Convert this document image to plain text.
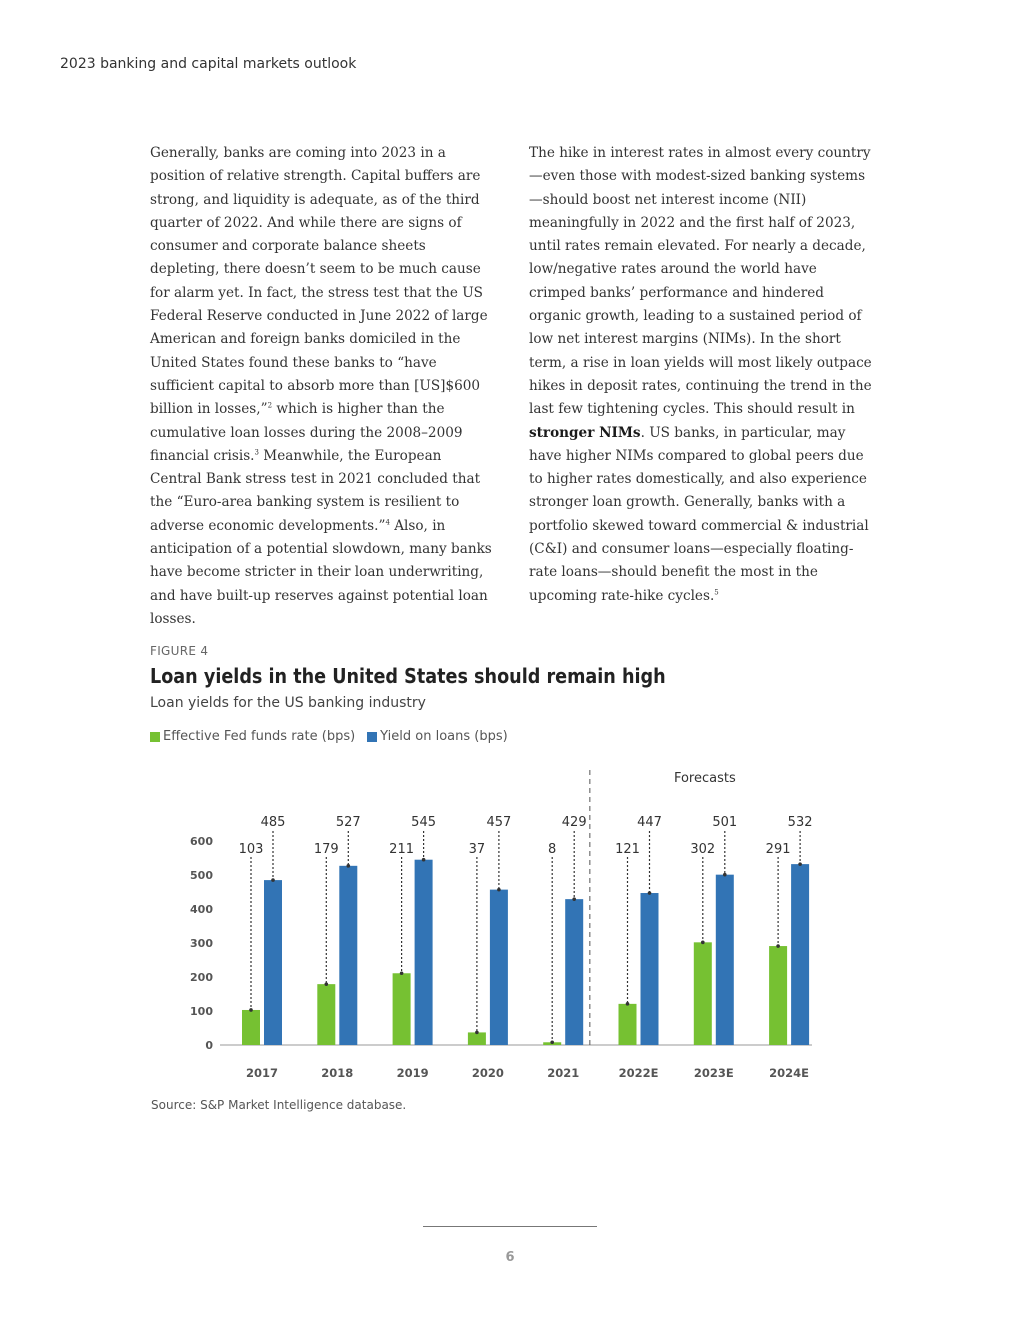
2023 banking and capital markets outlook

Generally, banks are coming into 2023 in a position of relative strength. Capital buffers are strong, and liquidity is adequate, as of the third quarter of 2022. And while there are signs of consumer and corporate balance sheets depleting, there doesn’t seem to be much cause for alarm yet. In fact, the stress test that the US Federal Reserve conducted in June 2022 of large American and foreign banks domiciled in the United States found these banks to “have sufficient capital to absorb more than [US]$600 billion in losses,”$^2$ which is higher than the cumulative loan losses during the 2008–2009 financial crisis.$^3$ Meanwhile, the European Central Bank stress test in 2021 concluded that the “Euro-area banking system is resilient to adverse economic developments.”$^4$ Also, in anticipation of a potential slowdown, many banks have become stricter in their loan underwriting, and have built-up reserves against potential loan losses.

The hike in interest rates in almost every country—even those with modest-sized banking systems—should boost net interest income (NII) meaningfully in 2022 and the first half of 2023, until rates remain elevated. For nearly a decade, low/negative rates around the world have crimped banks’ performance and hindered organic growth, leading to a sustained period of low net interest margins (NIMs). In the short term, a rise in loan yields will most likely outpace hikes in deposit rates, continuing the trend in the last few tightening cycles. This should result in stronger NIMs. US banks, in particular, may have higher NIMs compared to global peers due to higher rates domestically, and also experience stronger loan growth. Generally, banks with a portfolio skewed toward commercial & industrial (C&I) and consumer loans—especially floating-rate loans—should benefit the most in the upcoming rate-hike cycles.$^5$

FIGURE 4
Loan yields in the United States should remain high
Loan yields for the US banking industry
Effective Fed funds rate (bps) Yield on loans (bps)
0
100
200
300
400
500
600
Forecasts
103
485
2017
179
527
2018
211
545
2019
37
457
2020
8
429
2021
121
447
2022E
302
501
2023E
291
532
2024E
Source: S&P Market Intelligence database.
6
